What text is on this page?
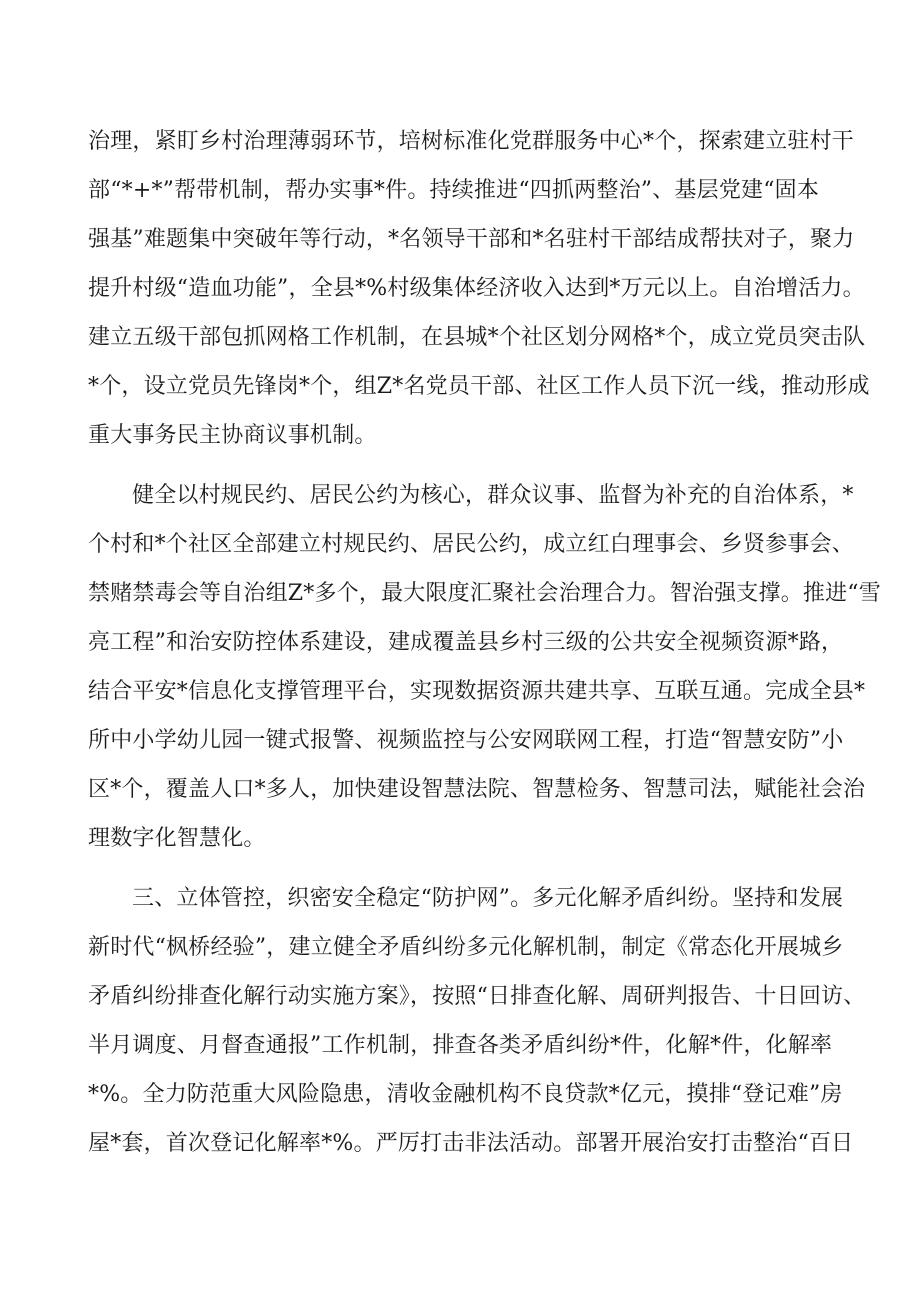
治理，紧盯乡村治理薄弱环节，培树标准化党群服务中心*个，探索建立驻村干
部“*+*”帮带机制，帮办实事*件。持续推进“四抓两整治”、基层党建“固本
强基”难题集中突破年等行动，*名领导干部和*名驻村干部结成帮扶对子，聚力
提升村级“造血功能”，全县*%村级集体经济收入达到*万元以上。自治增活力。
建立五级干部包抓网格工作机制，在县城*个社区划分网格*个，成立党员突击队
*个，设立党员先锋岗*个，组Z*名党员干部、社区工作人员下沉一线，推动形成
重大事务民主协商议事机制。
健全以村规民约、居民公约为核心，群众议事、监督为补充的自治体系，*
个村和*个社区全部建立村规民约、居民公约，成立红白理事会、乡贤参事会、
禁赌禁毒会等自治组Z*多个，最大限度汇聚社会治理合力。智治强支撑。推进“雪
亮工程”和治安防控体系建设，建成覆盖县乡村三级的公共安全视频资源*路，
结合平安*信息化支撑管理平台，实现数据资源共建共享、互联互通。完成全县*
所中小学幼儿园一键式报警、视频监控与公安网联网工程，打造“智慧安防”小
区*个，覆盖人口*多人，加快建设智慧法院、智慧检务、智慧司法，赋能社会治
理数字化智慧化。
三、立体管控，织密安全稳定“防护网”。多元化解矛盾纠纷。坚持和发展
新时代“枫桥经验”，建立健全矛盾纠纷多元化解机制，制定《常态化开展城乡
矛盾纠纷排查化解行动实施方案》，按照“日排查化解、周研判报告、十日回访、
半月调度、月督查通报”工作机制，排查各类矛盾纠纷*件，化解*件，化解率
*%。全力防范重大风险隐患，清收金融机构不良贷款*亿元，摸排“登记难”房
屋*套，首次登记化解率*%。严厉打击非法活动。部署开展治安打击整治“百日
